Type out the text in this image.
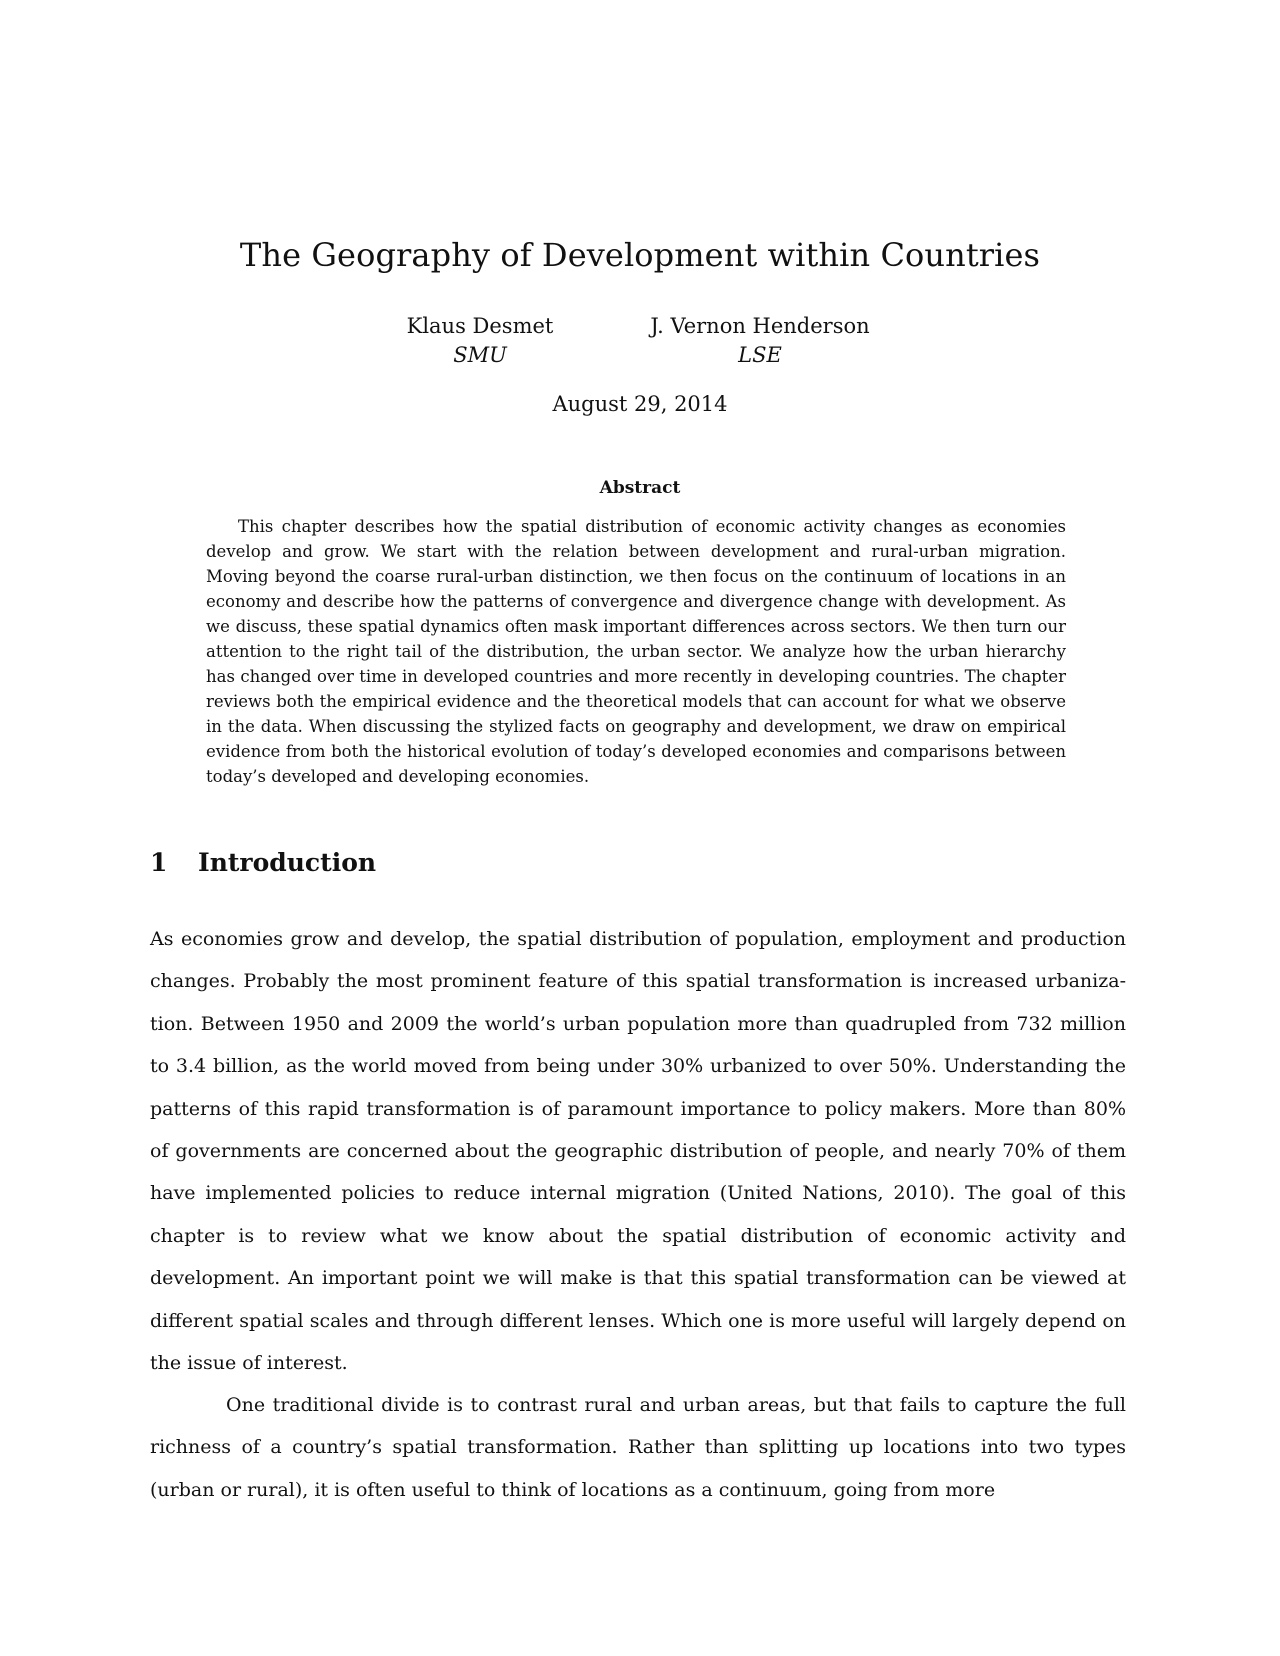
The Geography of Development within Countries
Klaus Desmet
SMU
J. Vernon Henderson
LSE
August 29, 2014
Abstract

This chapter describes how the spatial distribution of economic activity changes as economies develop and grow. We start with the relation between development and rural-urban migration. Moving beyond the coarse rural-urban distinction, we then focus on the continuum of locations in an economy and describe how the patterns of convergence and divergence change with development. As we discuss, these spatial dynamics often mask important differences across sectors. We then turn our attention to the right tail of the distribution, the urban sector. We analyze how the urban hierarchy has changed over time in developed countries and more recently in developing countries. The chapter reviews both the empirical evidence and the theoretical models that can account for what we observe in the data. When discussing the stylized facts on geography and development, we draw on empirical evidence from both the historical evolution of today’s developed economies and comparisons between today’s developed and developing economies.

1 Introduction

As economies grow and develop, the spatial distribution of population, employment and production changes. Probably the most prominent feature of this spatial transformation is increased urbanization. Between 1950 and 2009 the world’s urban population more than quadrupled from 732 million to 3.4 billion, as the world moved from being under 30% urbanized to over 50%. Understanding the patterns of this rapid transformation is of paramount importance to policy makers. More than 80% of governments are concerned about the geographic distribution of people, and nearly 70% of them have implemented policies to reduce internal migration (United Nations, 2010). The goal of this chapter is to review what we know about the spatial distribution of economic activity and development. An important point we will make is that this spatial transformation can be viewed at different spatial scales and through different lenses. Which one is more useful will largely depend on the issue of interest.

One traditional divide is to contrast rural and urban areas, but that fails to capture the full richness of a country’s spatial transformation. Rather than splitting up locations into two types (urban or rural), it is often useful to think of locations as a continuum, going from more
